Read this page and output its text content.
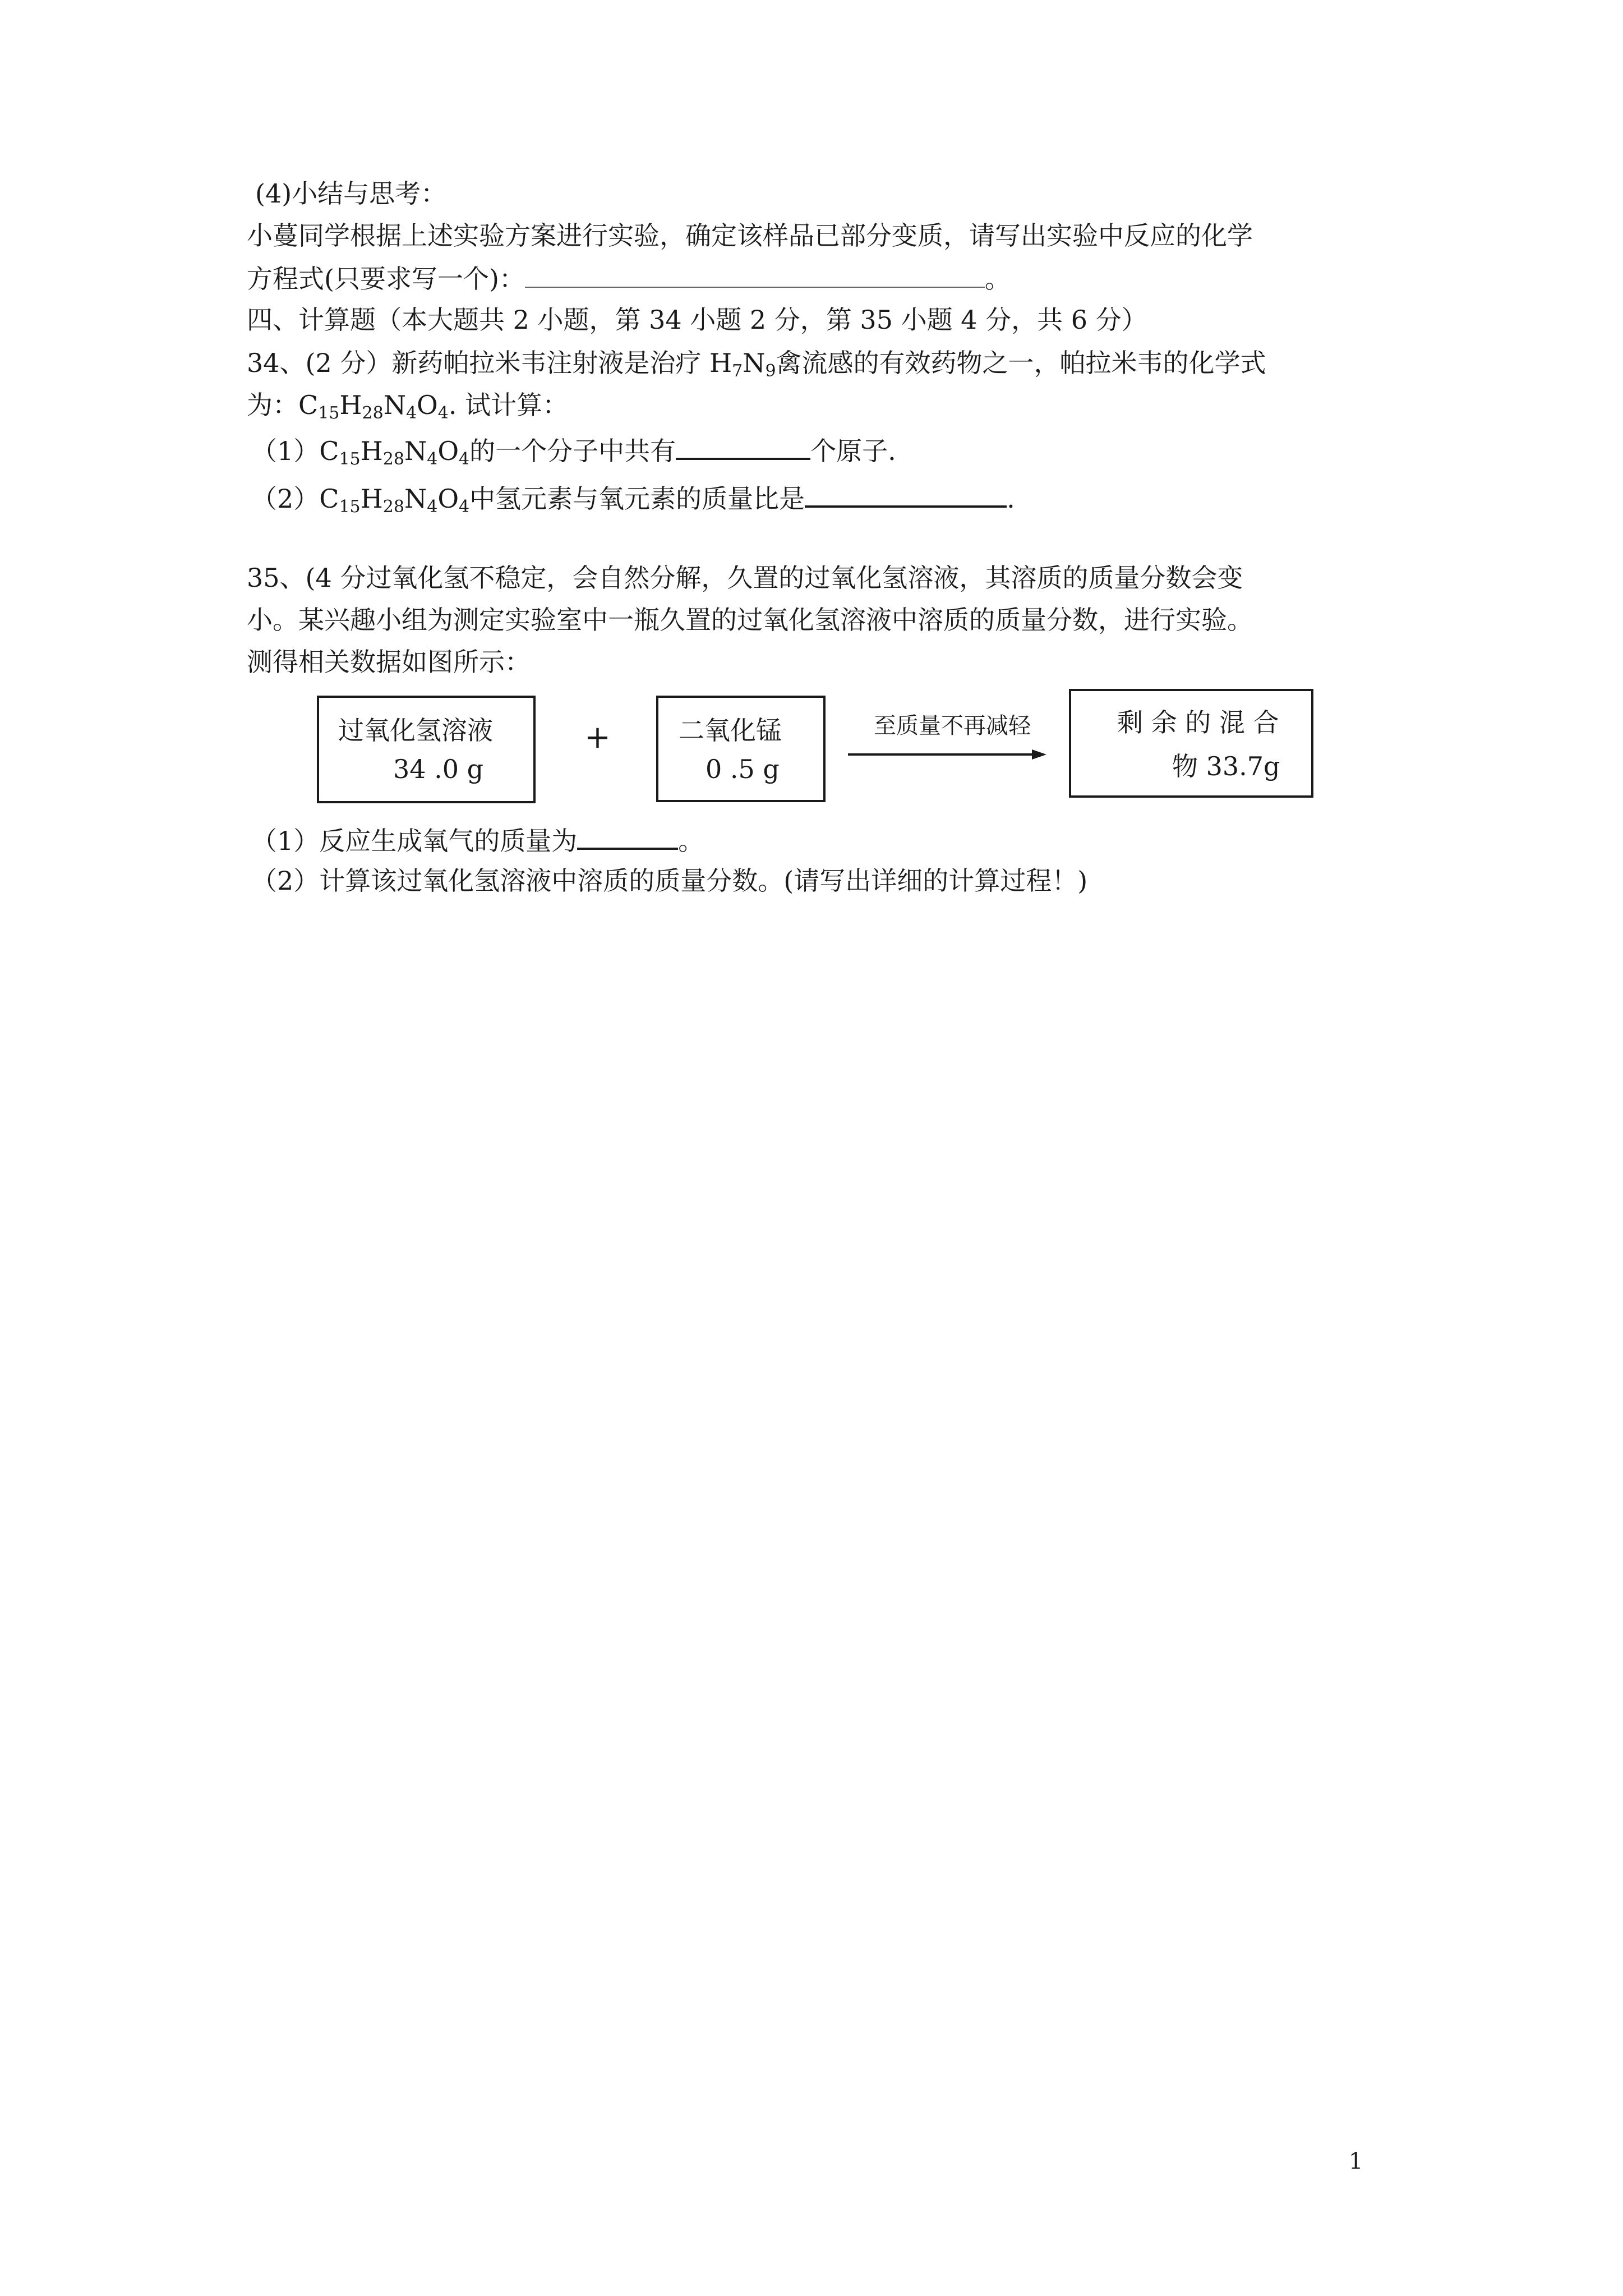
(4)小结与思考：
小蔓同学根据上述实验方案进行实验，确定该样品已部分变质，请写出实验中反应的化学
方程式(只要求写一个)：	。
四、计算题（本大题共 2 小题，第 34 小题 2 分，第 35 小题 4 分，共 6 分）
34、(2 分）新药帕拉米韦注射液是治疗 $H_7N_9$禽流感的有效药物之一，帕拉米韦的化学式
为：$C_{15}H_{28}N_4O_4$. 试计算：
$(1)C_{15}H_{28}N_4O_4$的一个分子中共有	个原子.
$(2)C_{15}H_{28}N_4O_4$中氢元素与氧元素的质量比是	.
35、(4 分过氧化氢不稳定，会自然分解，久置的过氧化氢溶液，其溶质的质量分数会变
小。某兴趣小组为测定实验室中一瓶久置的过氧化氢溶液中溶质的质量分数，进行实验。
测得相关数据如图所示：
过氧化氢溶液
34 .0 g
+	二氧化锰
0 .5 g
至质量不再减轻	剩 余 的 混 合
物 33.7g
（1）反应生成氧气的质量为	。
（2）计算该过氧化氢溶液中溶质的质量分数。(请写出详细的计算过程！)
1
